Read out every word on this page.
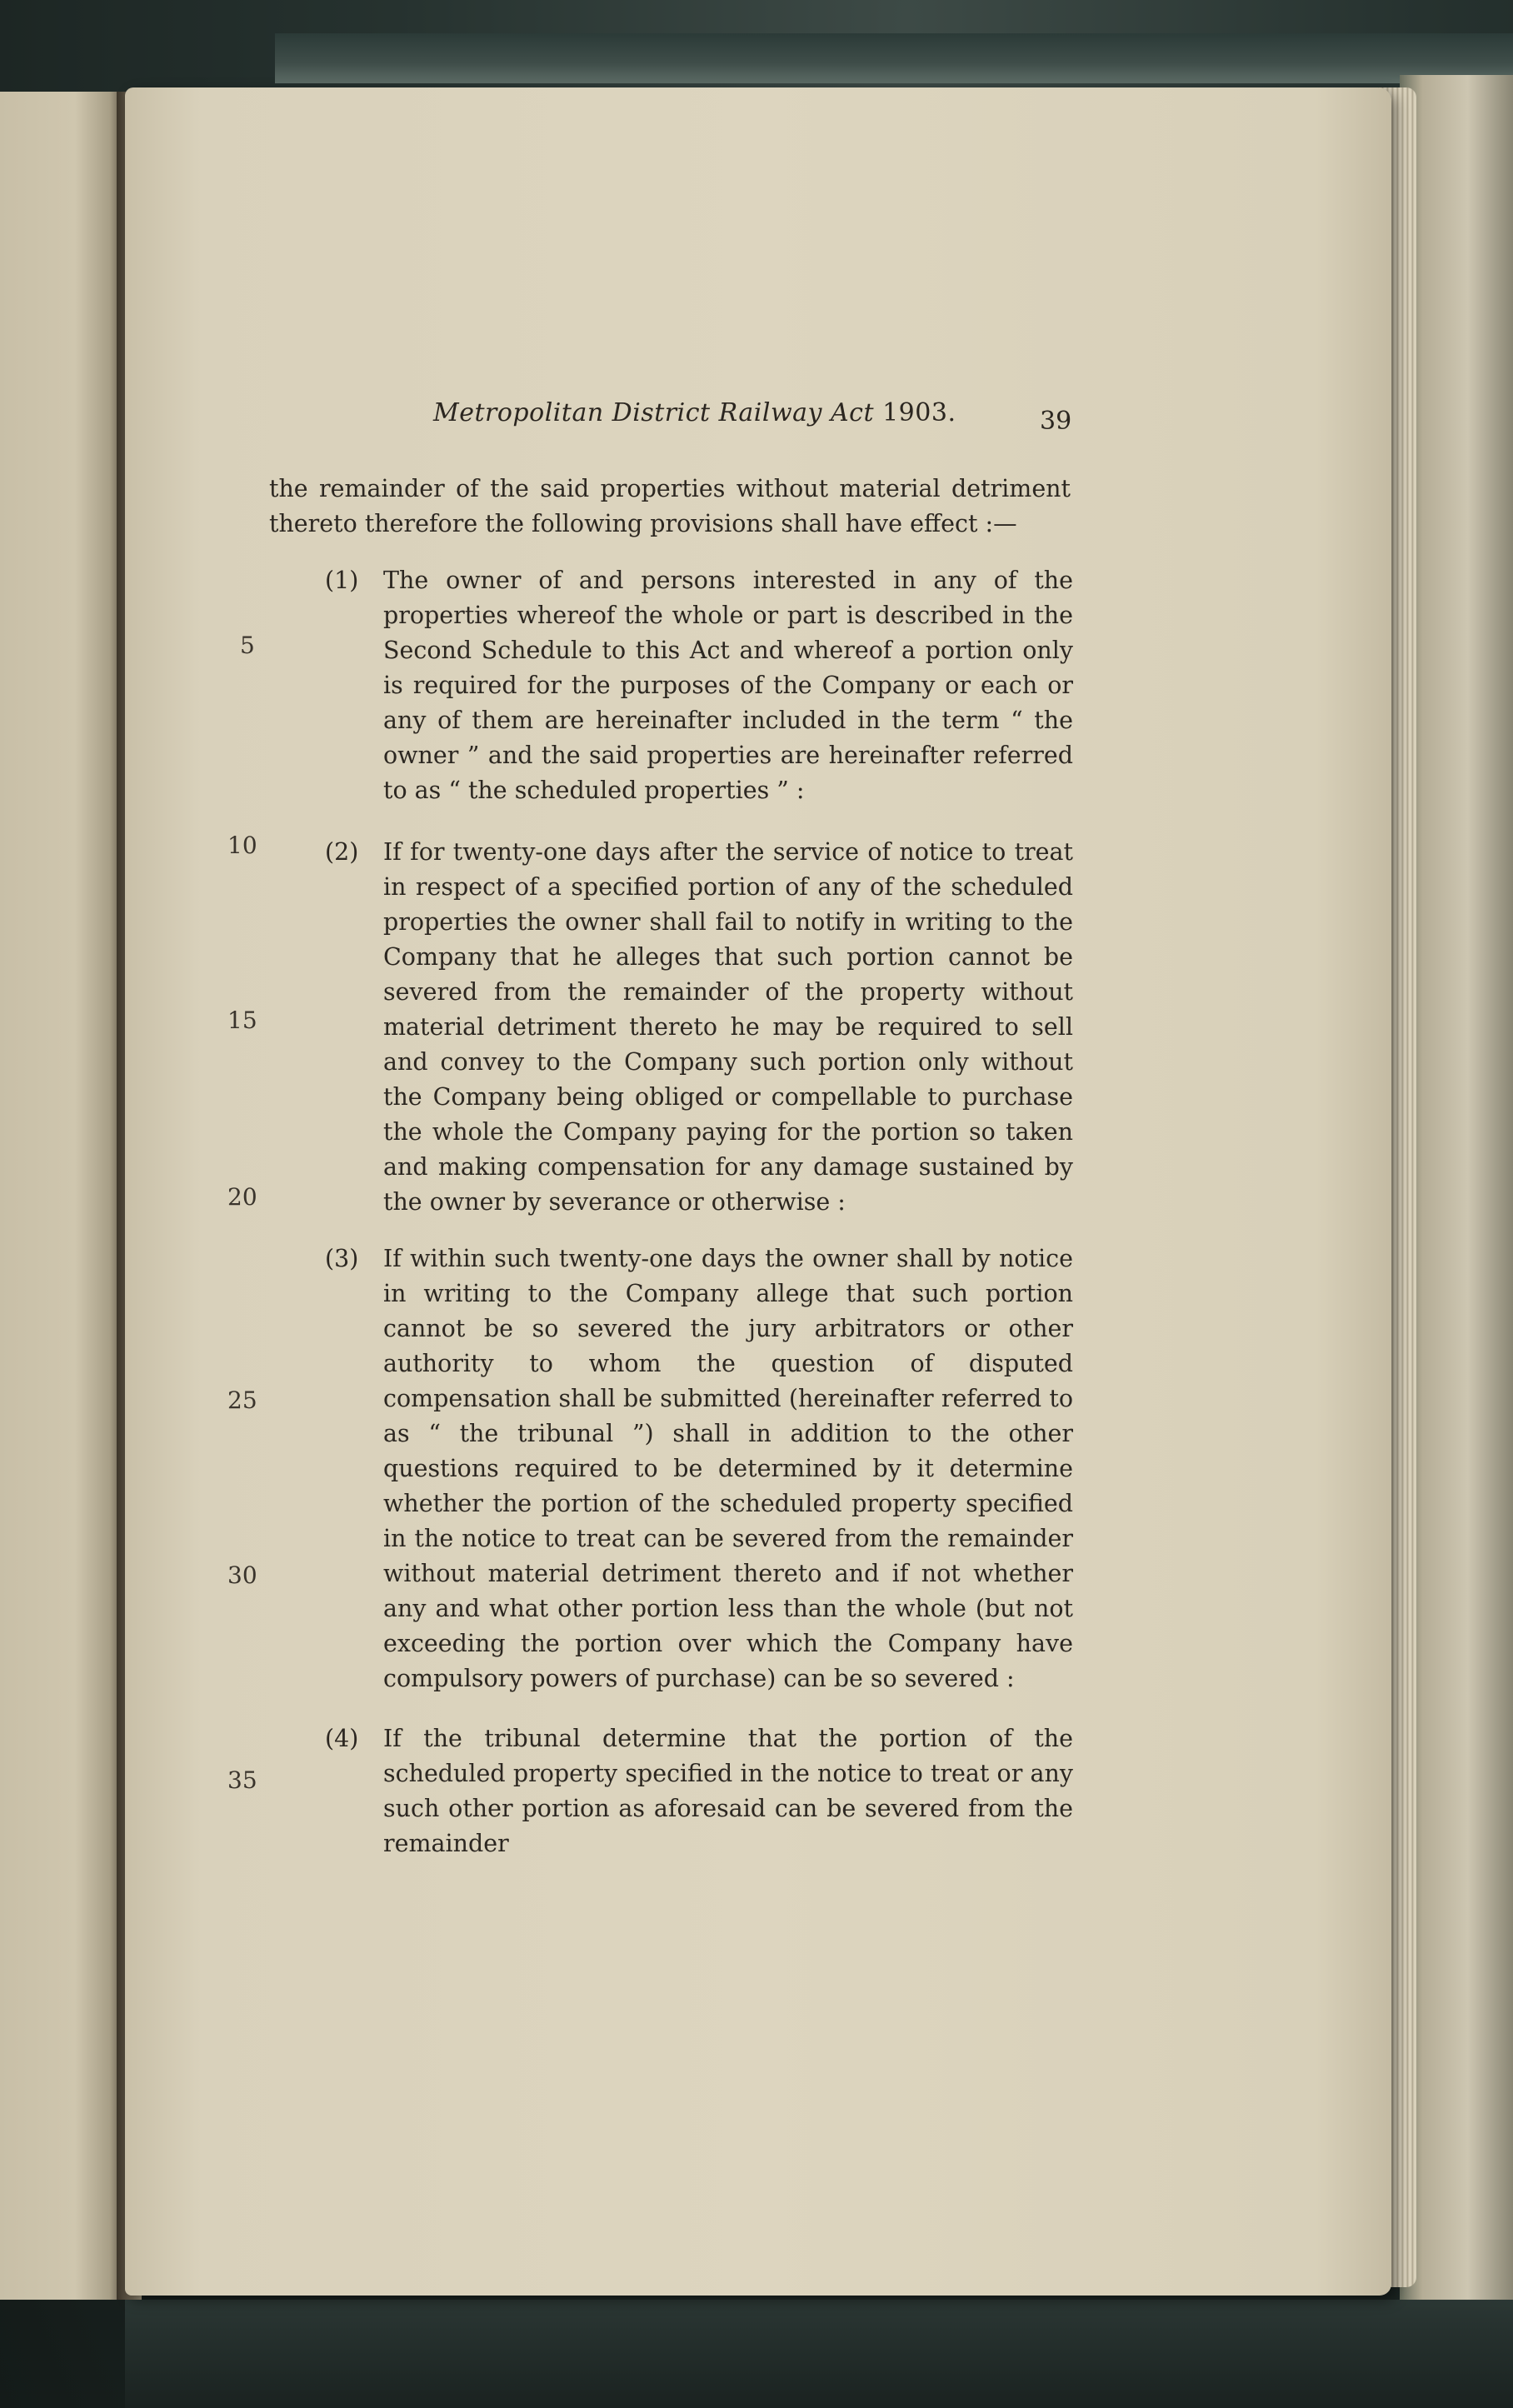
Metropolitan District Railway Act 1903.	39
the remainder of the said properties without material detriment thereto therefore the following provisions shall have effect :—
(1) The owner of and persons interested in any of the properties whereof the whole or part is described in the Second Schedule to this Act and whereof a portion only is required for the purposes of the Company or each or any of them are hereinafter included in the term “ the owner ” and the said properties are hereinafter referred to as “ the scheduled properties ” :
(2) If for twenty-one days after the service of notice to treat in respect of a specified portion of any of the scheduled properties the owner shall fail to notify in writing to the Company that he alleges that such portion cannot be severed from the remainder of the property without material detriment thereto he may be required to sell and convey to the Company such portion only without the Company being obliged or compellable to purchase the whole the Company paying for the portion so taken and making compensation for any damage sustained by the owner by severance or otherwise :
(3) If within such twenty-one days the owner shall by notice in writing to the Company allege that such portion cannot be so severed the jury arbitrators or other authority to whom the question of disputed compensation shall be submitted (hereinafter referred to as “ the tribunal ”) shall in addition to the other questions required to be determined by it determine whether the portion of the scheduled property specified in the notice to treat can be severed from the remainder without material detriment thereto and if not whether any and what other portion less than the whole (but not exceeding the portion over which the Company have compulsory powers of purchase) can be so severed :
(4) If the tribunal determine that the portion of the scheduled property specified in the notice to treat or any such other portion as aforesaid can be severed from the remainder
5
10
15
20
25
30
35
